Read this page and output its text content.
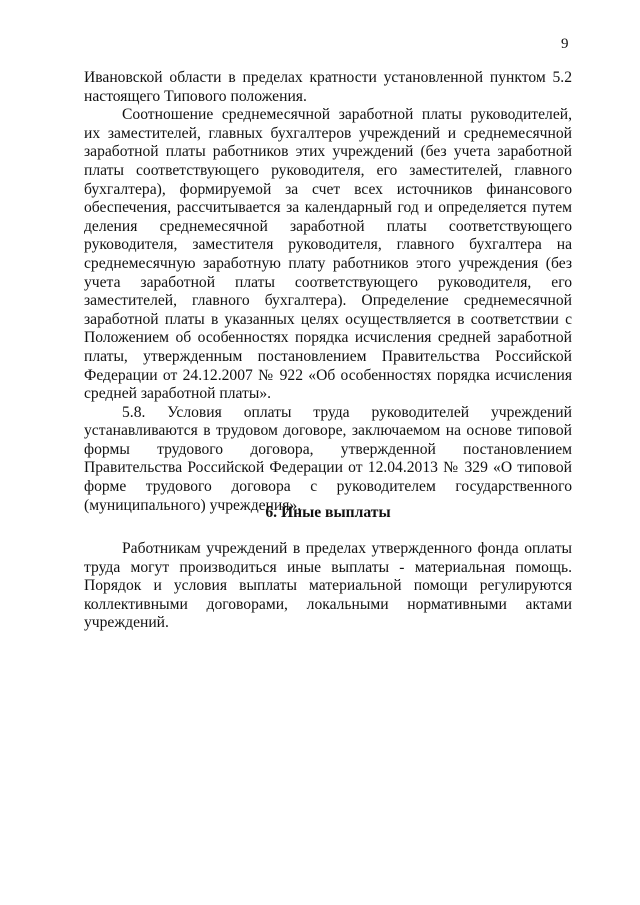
9

Ивановской области в пределах кратности установленной пунктом 5.2 настоящего Типового положения.

Соотношение среднемесячной заработной платы руководителей, их заместителей, главных бухгалтеров учреждений и среднемесячной заработной платы работников этих учреждений (без учета заработной платы соответствующего руководителя, его заместителей, главного бухгалтера), формируемой за счет всех источников финансового обеспечения, рассчитывается за календарный год и определяется путем деления среднемесячной заработной платы соответствующего руководителя, заместителя руководителя, главного бухгалтера на среднемесячную заработную плату работников этого учреждения (без учета заработной платы соответствующего руководителя, его заместителей, главного бухгалтера). Определение среднемесячной заработной платы в указанных целях осуществляется в соответствии с Положением об особенностях порядка исчисления средней заработной платы, утвержденным постановлением Правительства Российской Федерации от 24.12.2007 № 922 «Об особенностях порядка исчисления средней заработной платы».

5.8. Условия оплаты труда руководителей учреждений устанавливаются в трудовом договоре, заключаемом на основе типовой формы трудового договора, утвержденной постановлением Правительства Российской Федерации от 12.04.2013 № 329 «О типовой форме трудового договора с руководителем государственного (муниципального) учреждения».

6. Иные выплаты

Работникам учреждений в пределах утвержденного фонда оплаты труда могут производиться иные выплаты - материальная помощь. Порядок и условия выплаты материальной помощи регулируются коллективными договорами, локальными нормативными актами учреждений.
